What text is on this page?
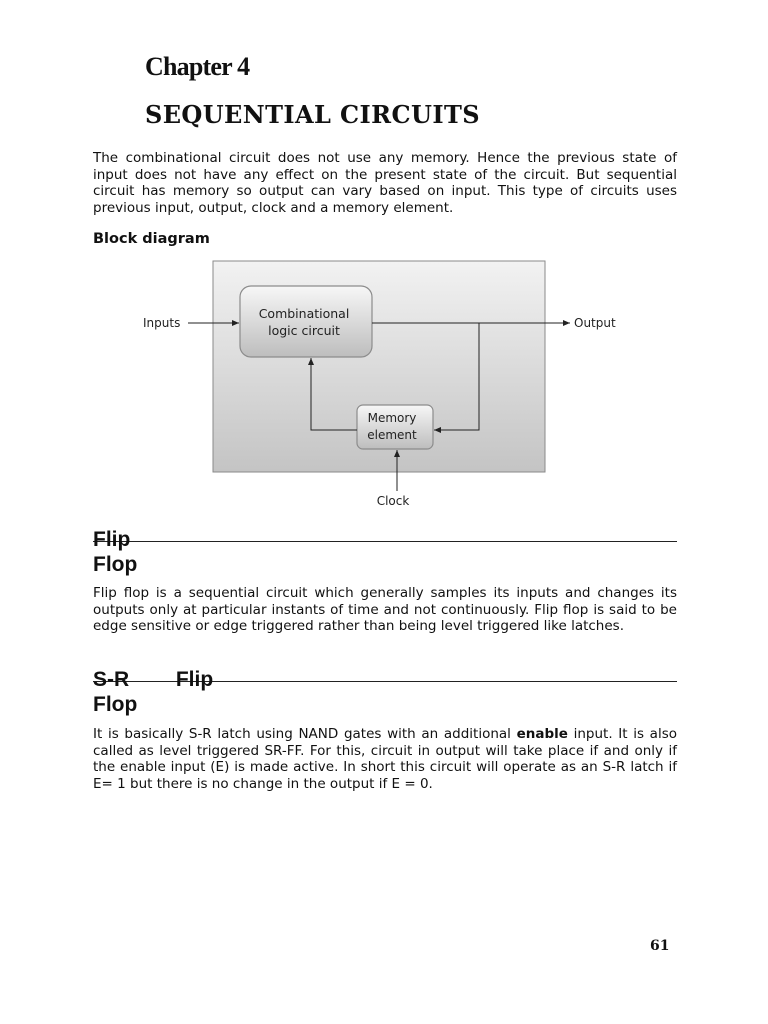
Chapter 4
SEQUENTIAL CIRCUITS

The combinational circuit does not use any memory. Hence the previous state of input does not have any effect on the present state of the circuit. But sequential circuit has memory so output can vary based on input. This type of circuits uses previous input, output, clock and a memory element.

Block diagram

Combinational
logic circuit
Memory
element
Inputs	Output
Clock
Flip
Flop

Flip flop is a sequential circuit which generally samples its inputs and changes its outputs only at particular instants of time and not continuously. Flip flop is said to be edge sensitive or edge triggered rather than being level triggered like latches.

S-R        Flip
Flop

It is basically S-R latch using NAND gates with an additional enable input. It is also called as level triggered SR-FF. For this, circuit in output will take place if and only if the enable input (E) is made active. In short this circuit will operate as an S-R latch if E= 1 but there is no change in the output if E = 0.

61
